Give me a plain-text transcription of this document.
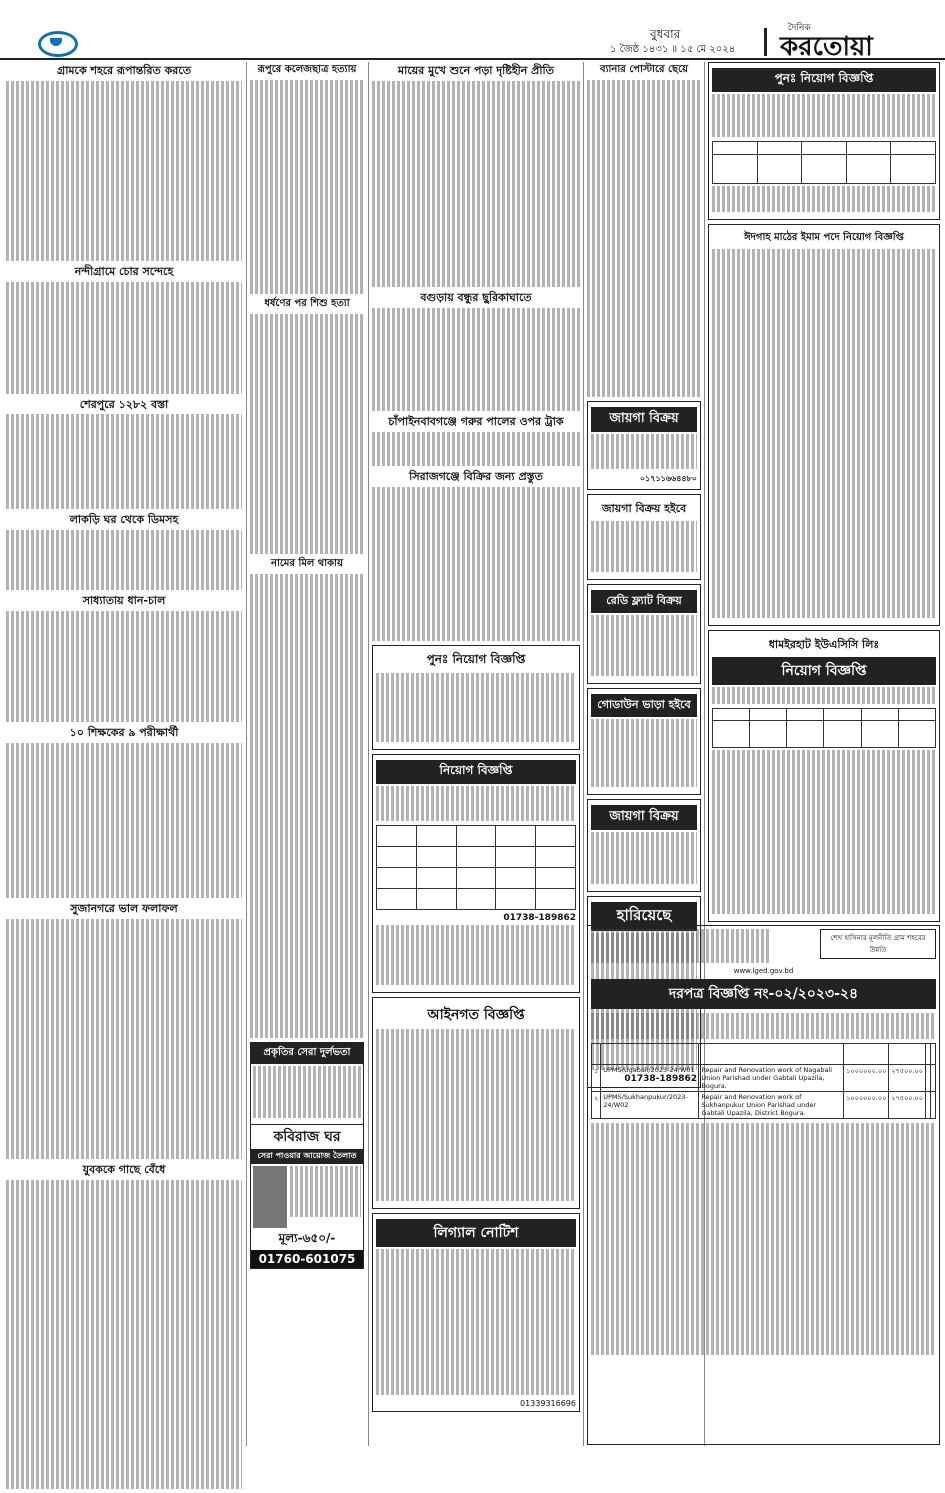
বুধবার
১ জৈষ্ঠ ১৪৩১ ॥ ১৫ মে ২০২৪
দৈনিক
করতোয়া
গ্রামকে শহরে রূপান্তরিত করতে
নন্দীগ্রামে চোর সন্দেহে
শেরপুরে ১২৮২ বস্তা
লাকড়ি ঘর থেকে ডিমসহ
সাধ্যাতায় ধান-চাল
১০ শিক্ষকের ৯ পরীক্ষার্থী
সুজানগরে ভাল ফলাফল
যুবককে গাছে বেঁধে
রূপুরে কলেজছাত্র হত্যায়
ধর্ষণের পর শিশু হত্যা
নামের মিল থাকায়
প্রকৃতির সেরা দুর্লভতা
কবিরাজ ঘর
সেরা পাওয়ার আয়োজ তৈলাত
মূল্য-৬৫০/-
01760-601075
মায়ের মুখে শুনে পড়া দৃষ্টিহীন প্রীতি
বগুড়ায় বন্ধুর ছুরিকাঘাতে
চাঁপাইনবাবগঞ্জে গরুর পালের ওপর ট্রাক
সিরাজগঞ্জে বিক্রির জন্য প্রস্তুত
পুনঃ নিয়োগ বিজ্ঞপ্তি
নিয়োগ বিজ্ঞপ্তি

01738-189862
আইনগত বিজ্ঞপ্তি
লিগ্যাল নোটিশ
01339316696
ব্যানার পোস্টারে ছেয়ে
জায়গা বিক্রয়
০১৭১১৬৬৪৪৮০
জায়গা বিক্রয় হইবে
রেডি ফ্ল্যাট বিক্রয়
গোডাউন ভাড়া হইবে
জায়গা বিক্রয়
হারিয়েছে
01738-189862
পুনঃ নিয়োগ বিজ্ঞপ্তি

ঈদগাহ মাঠের ইমাম পদে নিয়োগ বিজ্ঞপ্তি
ধামইরহাট ইউএসিসি লিঃ
নিয়োগ বিজ্ঞপ্তি

শেখ হাসিনার মূলনীতি গ্রাম শহরের উন্নতি
www.lged.gov.bd
দরপত্র বিজ্ঞপ্তি নং-০২/২০২৩-২৪

১	UPMS/Ugabali/2023-24/W01	Repair and Renovation work of Nagabali Union Parishad under Gabtali Upazila, Bogura.	১০০০০০০.০০	২৭৫০০.০০		
২	UPMS/Sukhanpukur/2023-24/W02	Repair and Renovation work of Sukhanpukur Union Parishad under Gabtali Upazila, District Bogura.	১০০০০০০.০০	২৭৫০০.০০		
